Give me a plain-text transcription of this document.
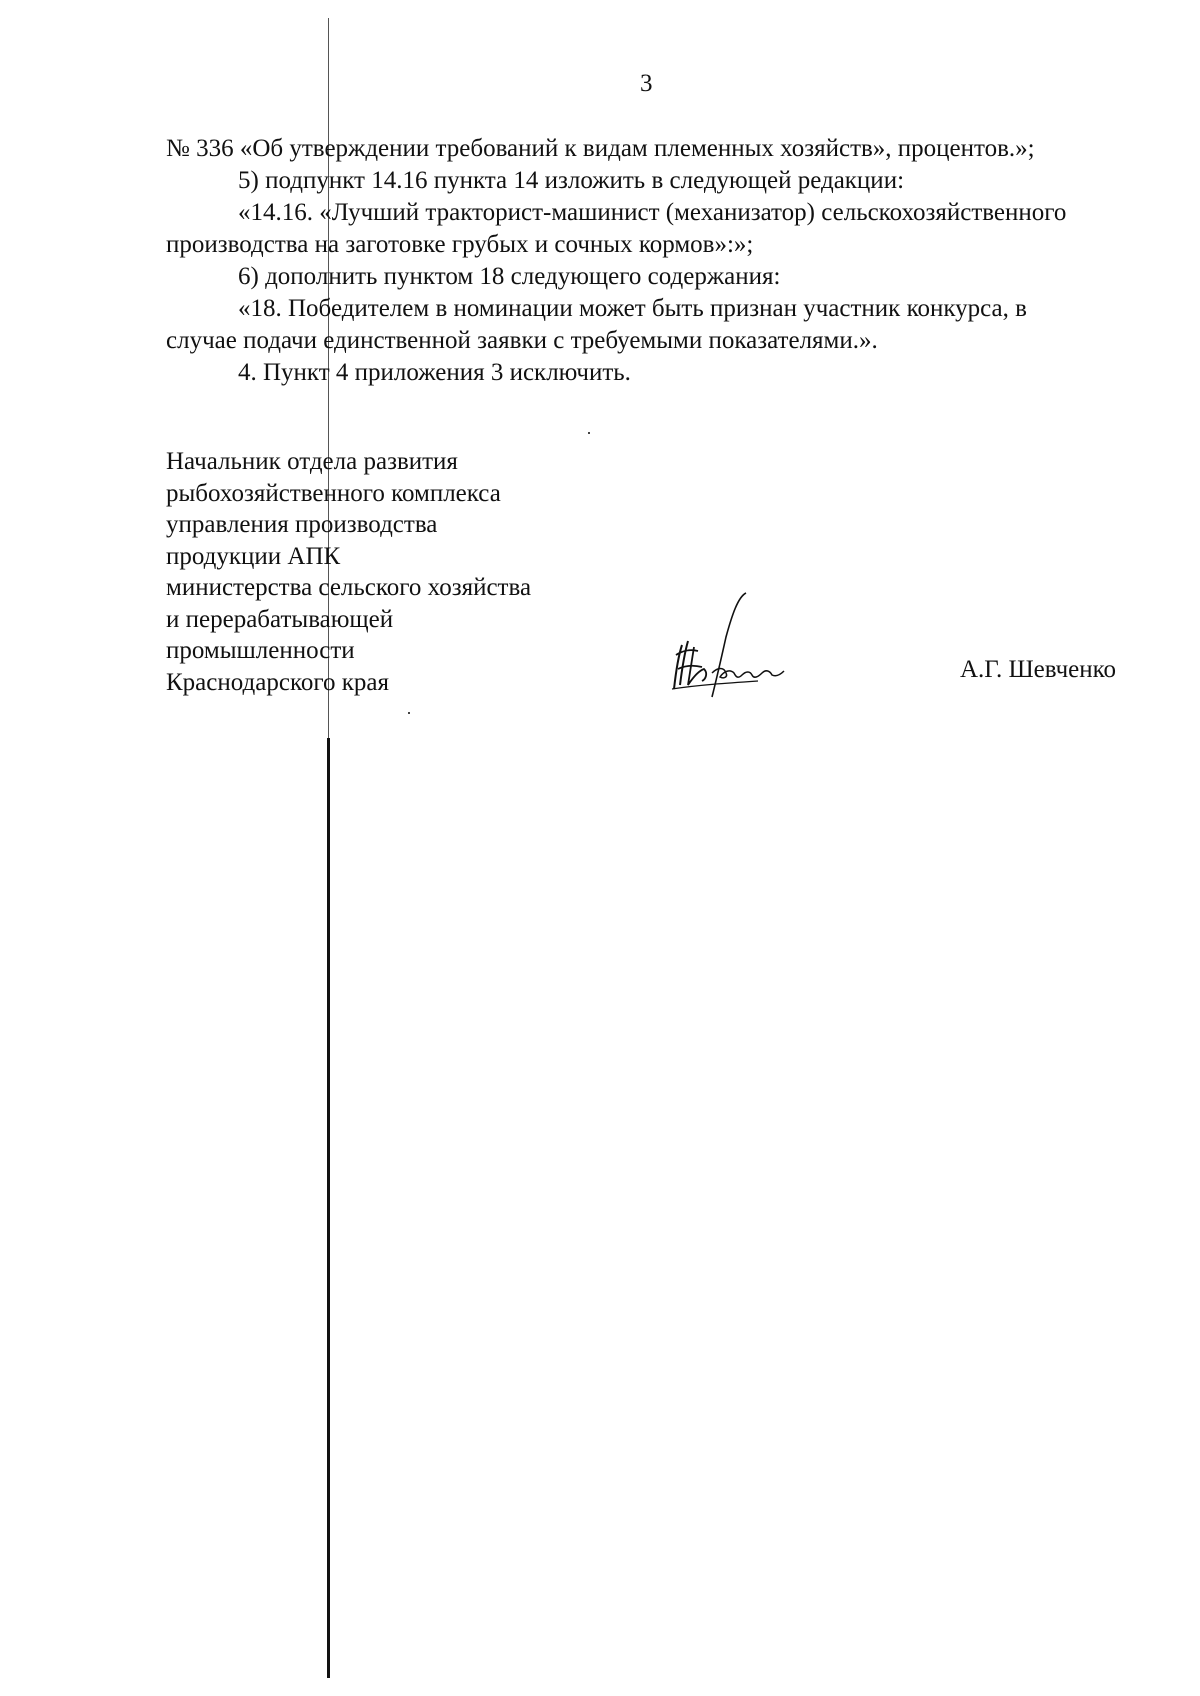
3
№ 336 «Об утверждении требований к видам племенных хозяйств», процентов.»;
5) подпункт 14.16 пункта 14 изложить в следующей редакции:
«14.16. «Лучший тракторист-машинист (механизатор) сельскохозяйственного
производства на заготовке грубых и сочных кормов»:»;
6) дополнить пунктом 18 следующего содержания:
«18. Победителем в номинации может быть признан участник конкурса, в
случае подачи единственной заявки с требуемыми показателями.».
4. Пункт 4 приложения 3 исключить.
Начальник отдела развития
рыбохозяйственного комплекса
управления производства
продукции АПК
министерства сельского хозяйства
и перерабатывающей
промышленности
Краснодарского края	А.Г. Шевченко
